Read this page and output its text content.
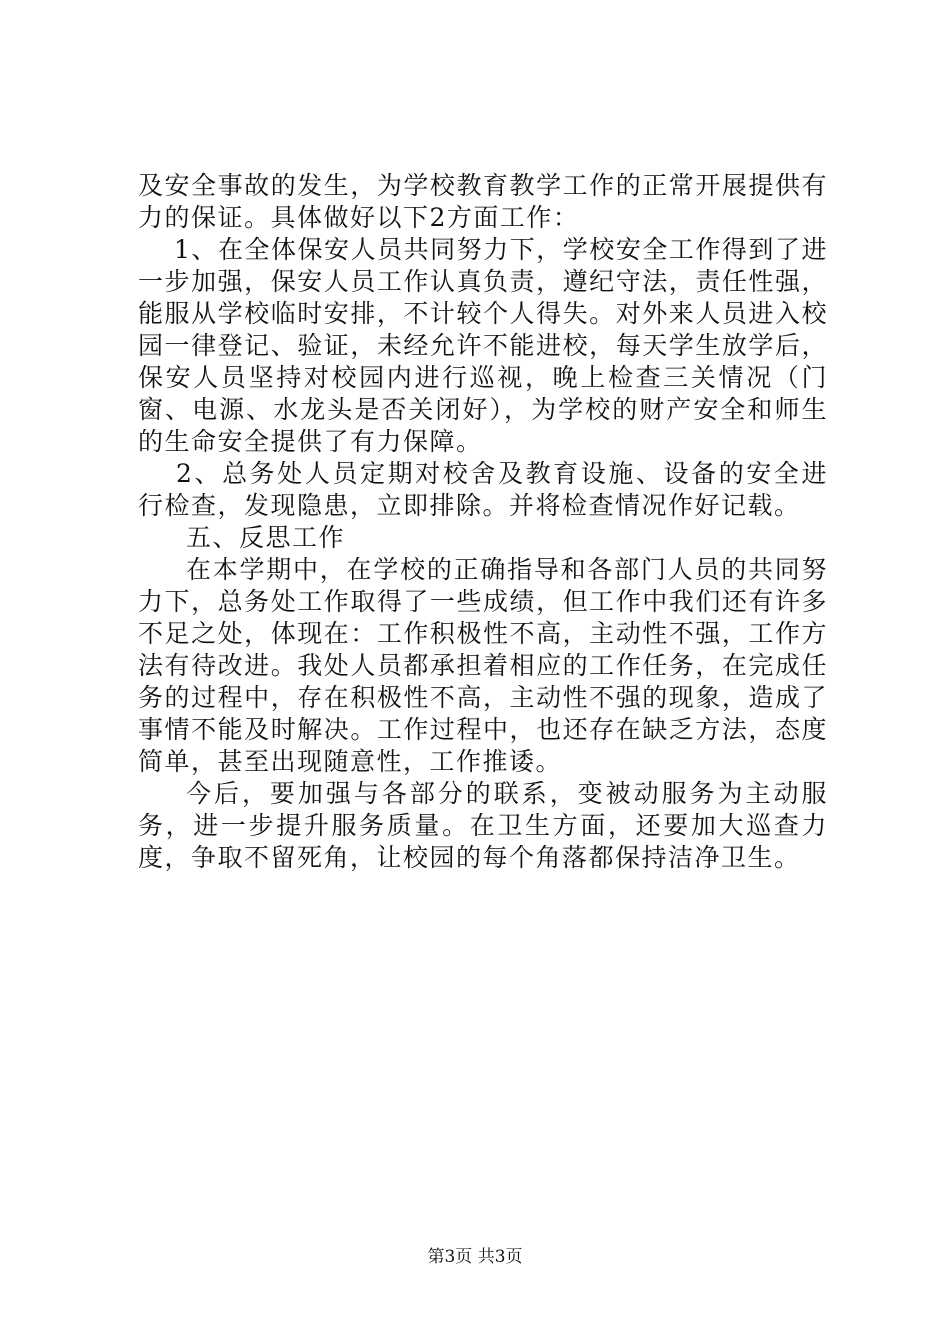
及安全事故的发生，为学校教育教学工作的正常开展提供有力的保证。具体做好以下2方面工作：

1、在全体保安人员共同努力下，学校安全工作得到了进一步加强，保安人员工作认真负责，遵纪守法，责任性强，能服从学校临时安排，不计较个人得失。对外来人员进入校园一律登记、验证，未经允许不能进校，每天学生放学后，保安人员坚持对校园内进行巡视，晚上检查三关情况（门窗、电源、水龙头是否关闭好），为学校的财产安全和师生的生命安全提供了有力保障。

2、总务处人员定期对校舍及教育设施、设备的安全进行检查，发现隐患，立即排除。并将检查情况作好记载。

五、反思工作

在本学期中，在学校的正确指导和各部门人员的共同努力下，总务处工作取得了一些成绩，但工作中我们还有许多不足之处，体现在：工作积极性不高，主动性不强，工作方法有待改进。我处人员都承担着相应的工作任务，在完成任务的过程中，存在积极性不高，主动性不强的现象，造成了事情不能及时解决。工作过程中，也还存在缺乏方法，态度简单，甚至出现随意性，工作推诿。

今后，要加强与各部分的联系，变被动服务为主动服务，进一步提升服务质量。在卫生方面，还要加大巡查力度，争取不留死角，让校园的每个角落都保持洁净卫生。

第3页 共3页
